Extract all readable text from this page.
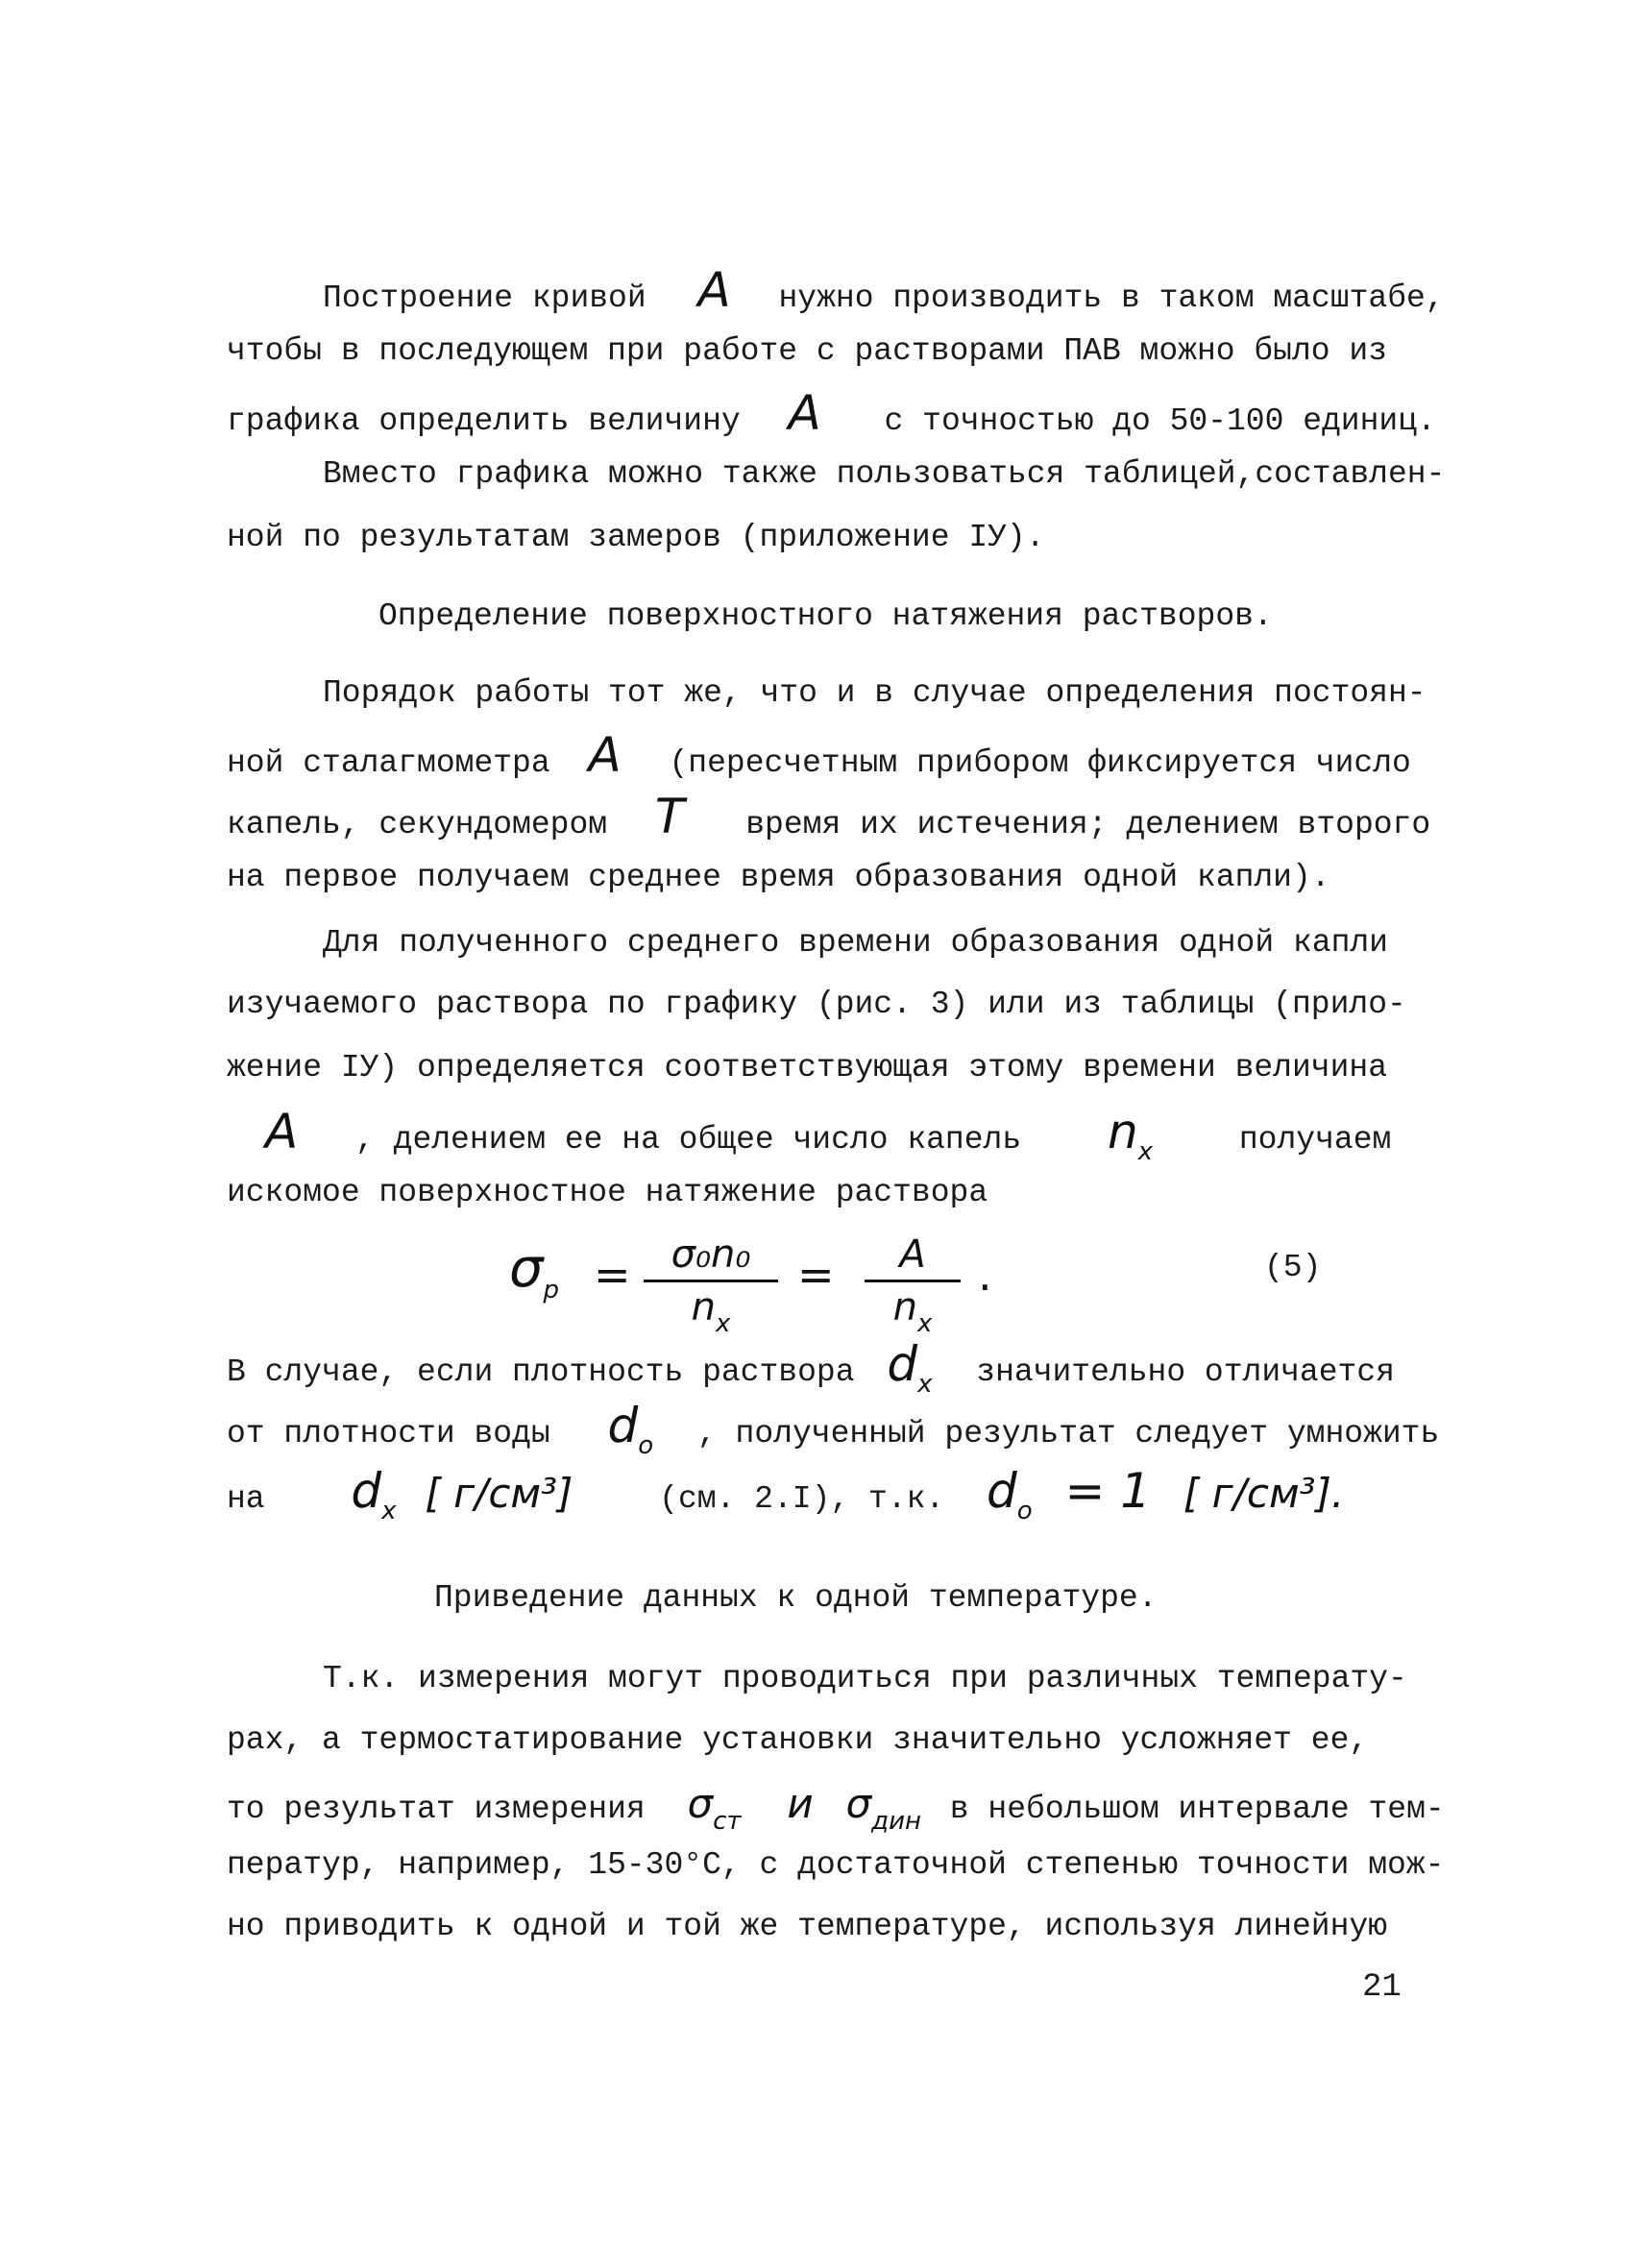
Построение кривой A нужно производить в таком масштабе,
чтобы в последующем при работе с растворами ПАВ можно было из
графика определить величину A с точностью до 50-100 единиц.
Вместо графика можно также пользоваться таблицей,составлен-
ной по результатам замеров (приложение IУ).
Определение поверхностного натяжения растворов.
Порядок работы тот же, что и в случае определения постоян-
ной сталагмометра A (пересчетным прибором фиксируется число
капель, секундомером T время их истечения; делением второго
на первое получаем среднее время образования одной капли).
Для полученного среднего времени образования одной капли
изучаемого раствора по графику (рис. 3) или из таблицы (прило-
жение IУ) определяется соответствующая этому времени величина
A , делением ее на общее число капель $n_x$	получаем
искомое поверхностное натяжение раствора
$\sigma_p = \frac{\text{σ₀n₀}}{n_x} = \frac{A}{n_x}$ .	(5)
В случае, если плотность раствора $d_x$ значительно отличается
от плотности воды $d_o$ , полученный результат следует умножить
на $d_x$ [ г/см³]	(см. 2.I), т.к. $d_o = 1$ [ г/см³].
Приведение данных к одной температуре.
Т.к. измерения могут проводиться при различных температу-
рах, а термостатирование установки значительно усложняет ее,
то результат измерения $\sigma_{ст}$ и $\sigma_{дин}$ в небольшом интервале тем-
ператур, например, 15-30°С, с достаточной степенью точности мож-
но приводить к одной и той же температуре, используя линейную
21
